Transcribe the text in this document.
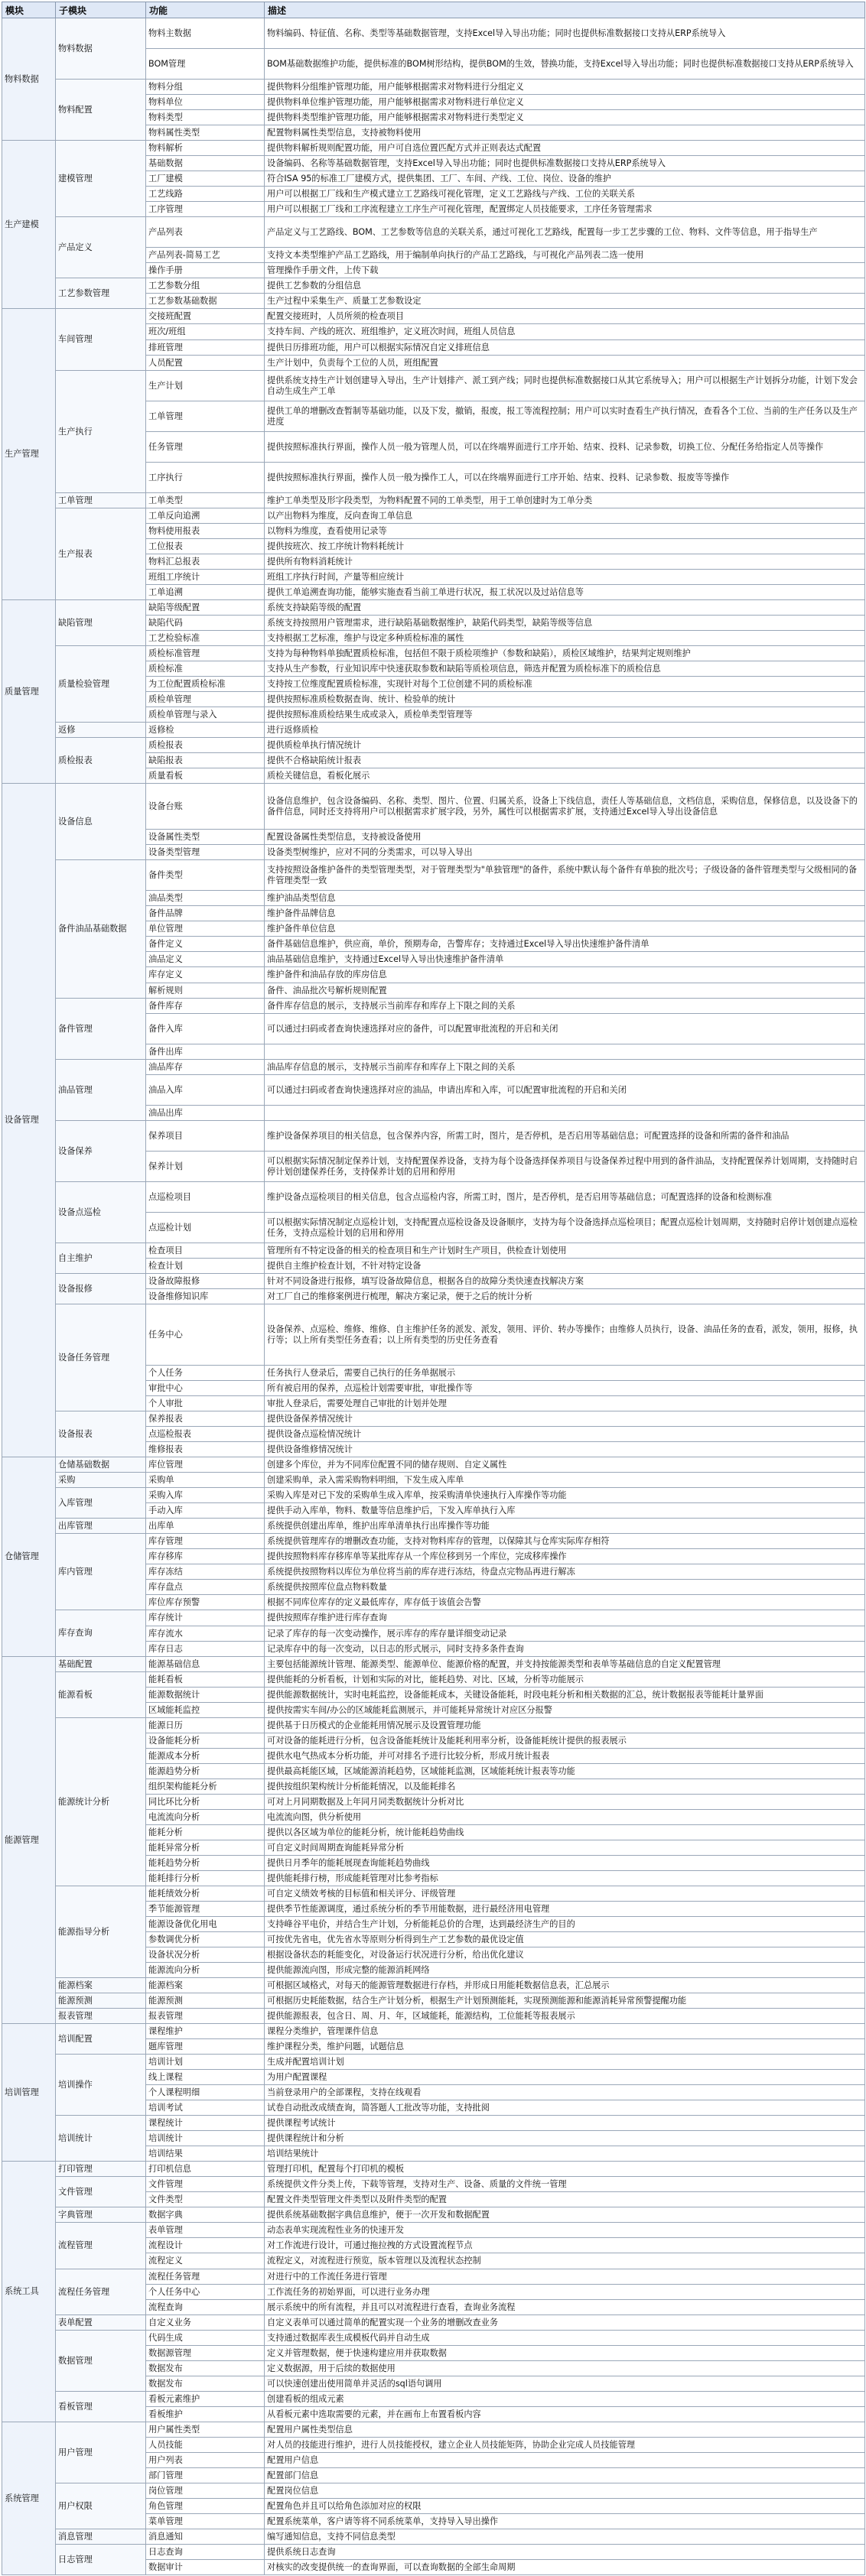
模块	子模块	功能	描述
物料数据	物料数据	物料主数据	物料编码、特征值、名称、类型等基础数据管理，支持Excel导入导出功能；同时也提供标准数据接口支持从ERP系统导入
		BOM管理	BOM基础数据维护功能，提供标准的BOM树形结构，提供BOM的生效，替换功能，支持Excel导入导出功能；同时也提供标准数据接口支持从ERP系统导入
	物料配置	物料分组	提供物料分组维护管理功能，用户能够根据需求对物料进行分组定义
		物料单位	提供物料单位维护管理功能，用户能够根据需求对物料进行单位定义
		物料类型	提供物料类型维护管理功能，用户能够根据需求对物料进行类型定义
		物料属性类型	配置物料属性类型信息，支持被物料使用
生产建模	建模管理	物料解析	提供物料解析规则配置功能，用户可自选位置匹配方式并正则表达式配置
		基础数据	设备编码、名称等基础数据管理，支持Excel导入导出功能；同时也提供标准数据接口支持从ERP系统导入
		工厂建模	符合ISA 95的标准工厂建模方式，提供集团、工厂、车间、产线、工位、岗位、设备的维护
		工艺线路	用户可以根据工厂线和生产模式建立工艺路线可视化管理，定义工艺路线与产线、工位的关联关系
		工序管理	用户可以根据工厂线和工序流程建立工序生产可视化管理，配置绑定人员技能要求，工序任务管理需求
	产品定义	产品列表	产品定义与工艺路线、BOM、工艺参数等信息的关联关系，通过可视化工艺路线，配置每一步工艺步骤的工位、物料、文件等信息，用于指导生产
		产品列表-简易工艺	支持文本类型维护产品工艺路线，用于编制单向执行的产品工艺路线，与可视化产品列表二选一使用
		操作手册	管理操作手册文件，上传下载
	工艺参数管理	工艺参数分组	提供工艺参数的分组信息
		工艺参数基础数据	生产过程中采集生产、质量工艺参数设定
生产管理	车间管理	交接班配置	配置交接班时，人员所须的检查项目
		班次/班组	支持车间、产线的班次、班组维护，定义班次时间，班组人员信息
		排班管理	提供日历排班功能，用户可以根据实际情况自定义排班信息
		人员配置	生产计划中，负责每个工位的人员，班组配置
	生产执行	生产计划	提供系统支持生产计划创建导入导出，生产计划排产、派工到产线；同时也提供标准数据接口从其它系统导入；用户可以根据生产计划拆分功能，计划下发会自动生成生产工单
		工单管理	提供工单的增删改查暂制等基础功能，以及下发，撤销，报废，报工等流程控制；用户可以实时查看生产执行情况，查看各个工位、当前的生产任务以及生产进度
		任务管理	提供按照标准执行界面，操作人员一般为管理人员，可以在终端界面进行工序开始、结束、投料、记录参数，切换工位、分配任务给指定人员等操作
		工序执行	提供按照标准执行界面，操作人员一般为操作工人，可以在终端界面进行工序开始、结束、投料、记录参数、报废等等操作
	工单管理	工单类型	维护工单类型及形字段类型，为物料配置不同的工单类型，用于工单创建时为工单分类
	生产报表	工单反向追溯	以产出物料为维度，反向查询工单信息
		物料使用报表	以物料为维度，查看使用记录等
		工位报表	提供按班次、按工序统计物料耗统计
		物料汇总报表	提供所有物料消耗统计
		班组工序统计	班组工序执行时间，产量等相应统计
		工单追溯	提供工单追溯查询功能，能够实施查看当前工单进行状况，报工状况以及过站信息等
质量管理	缺陷管理	缺陷等级配置	系统支持缺陷等级的配置
		缺陷代码	系统支持按照用户管理需求，进行缺陷基础数据维护，缺陷代码类型，缺陷等级等信息
		工艺检验标准	支持根据工艺标准，维护与设定多种质检标准的属性
	质量检验管理	质检标准管理	支持为每种物料单独配置质检标准，包括但不限于质检项维护（参数和缺陷），质检区域维护，结果判定规则维护
		质检标准	支持从生产参数，行业知识库中快速获取参数和缺陷等质检项信息，筛选并配置为质检标准下的质检信息
		为工位配置质检标准	支持按工位维度配置质检标准，实现针对每个工位创建不同的质检标准
		质检单管理	提供按照标准质检数据查询、统计、检验单的统计
		质检单管理与录入	提供按照标准质检结果生成或录入，质检单类型管理等
	返修	返修检	进行返修质检
	质检报表	质检报表	提供质检单执行情况统计
		缺陷报表	提供不合格缺陷统计报表
		质量看板	质检关键信息，看板化展示
设备管理	设备信息	设备台账	设备信息维护，包含设备编码、名称、类型、图片、位置、归属关系，设备上下线信息，责任人等基础信息，文档信息，采购信息，保修信息，以及设备下的备件信息，同时还支持将用户可以根据需求扩展字段，另外，属性可以根据需求扩展，支持通过Excel导入导出设备信息
		设备属性类型	配置设备属性类型信息，支持被设备使用
		设备类型管理	设备类型树维护，应对不同的分类需求，可以导入导出
	备件油品基础数据	备件类型	支持按照设备维护备件的类型管理类型，对于管理类型为"单独管理"的备件，系统中默认每个备件有单独的批次号；子级设备的备件管理类型与父级相同的备件管理类型一致
		油品类型	维护油品类型信息
		备件品牌	维护备件品牌信息
		单位管理	维护备件单位信息
		备件定义	备件基础信息维护，供应商，单价，预期寿命，告警库存；支持通过Excel导入导出快速维护备件清单
		油品定义	油品基础信息维护，支持通过Excel导入导出快速维护备件清单
		库存定义	维护备件和油品存放的库房信息
		解析规则	备件、油品批次号解析规则配置
	备件管理	备件库存	备件库存信息的展示，支持展示当前库存和库存上下限之间的关系
		备件入库	可以通过扫码或者查询快速选择对应的备件，可以配置审批流程的开启和关闭
		备件出库	
	油品管理	油品库存	油品库存信息的展示，支持展示当前库存和库存上下限之间的关系
		油品入库	可以通过扫码或者查询快速选择对应的油品，申请出库和入库，可以配置审批流程的开启和关闭
		油品出库	
	设备保养	保养项目	维护设备保养项目的相关信息，包含保养内容，所需工时，图片，是否停机，是否启用等基础信息；可配置选择的设备和所需的备件和油品
		保养计划	可以根据实际情况制定保养计划，支持配置保养设备，支持为每个设备选择保养项目与设备保养过程中用到的备件油品，支持配置保养计划周期，支持随时启停计划创建保养任务，支持保养计划的启用和停用
	设备点巡检	点巡检项目	维护设备点巡检项目的相关信息，包含点巡检内容，所需工时，图片，是否停机，是否启用等基础信息；可配置选择的设备和检测标准
		点巡检计划	可以根据实际情况制定点巡检计划，支持配置点巡检设备及设备顺序，支持为每个设备选择点巡检项目；配置点巡检计划周期，支持随时启停计划创建点巡检任务，支持点巡检计划的启用和停用
	自主维护	检查项目	管理所有不特定设备的相关的检查项目和生产计划时生产项目，供检查计划使用
		检查计划	提供自主维护检查计划，不针对特定设备
	设备报修	设备故障报修	针对不同设备进行报修，填写设备故障信息，根据各自的故障分类快速查找解决方案
		设备维修知识库	对工厂自己的维修案例进行梳理，解决方案记录，便于之后的统计分析
	设备任务管理	任务中心	设备保养、点巡检、维修、维修、自主维护任务的派发、派发，领用、评价、转办等操作；由维修人员执行，设备、油品任务的查看，派发，领用，报修，执行等；以上所有类型任务查看；以上所有类型的历史任务查看
		个人任务	任务执行人登录后，需要自己执行的任务单据展示
		审批中心	所有被启用的保养，点巡检计划需要审批，审批操作等
		个人审批	审批人登录后，需要处理自己审批的计划并处理
	设备报表	保养报表	提供设备保养情况统计
		点巡检报表	提供设备点巡检情况统计
		维修报表	提供设备维修情况统计
仓储管理	仓储基础数据	库位管理	创建多个库位，并为不同库位配置不同的储存规则、自定义属性
	采购	采购单	创建采购单，录入需采购物料明细，下发生成入库单
	入库管理	采购入库	采购入库是对已下发的采购单生成入库单，按采购清单快速执行入库操作等功能
		手动入库	提供手动入库单，物料、数量等信息维护后，下发入库单执行入库
	出库管理	出库单	系统提供创建出库单，维护出库单清单执行出库操作等功能
	库内管理	库存管理	系统提供管理库存的增删改查功能，支持对物料库存的管理，以保障其与仓库实际库存相符
		库存移库	提供按照物料库存移库单等某批库存从一个库位移到另一个库位，完成移库操作
		库存冻结	系统提供按照物料以库位为单位将当前的库存进行冻结，待盘点完物品再进行解冻
		库存盘点	系统提供按照库位盘点物料数量
		库位库存预警	根据不同库位库存的定义最低库存，库存低于该值会告警
	库存查询	库存统计	提供按照库存维护进行库存查询
		库存流水	记录了库存的每一次变动操作，展示库存的库存量详细变动记录
		库存日志	记录库存中的每一次变动，以日志的形式展示，同时支持多条件查询
能源管理	基础配置	能源基础信息	主要包括能源统计管理、能源类型、能源单位、能源价格的配置，并支持按能源类型和表单等基础信息的自定义配置管理
	能源看板	能耗看板	提供能耗的分析看板，计划和实际的对比，能耗趋势、对比、区域，分析等功能展示
		能源数据统计	提供能源数据统计，实时电耗监控，设备能耗成本，关键设备能耗，时段电耗分析和相关数据的汇总，统计数据报表等能耗计量界面
		区域能耗监控	提供按需实车间/办公的区域能耗监测展示，并可能耗异常统计对应区分报警
	能源统计分析	能源日历	提供基于日历模式的企业能耗用情况展示及设置管理功能
		设备能耗分析	可对设备的能耗进行分析，包含设备能耗统计及能耗利用率分析，设备能耗统计提供的报表展示
		能源成本分析	提供水电气热成本分析功能，并可对排名予进行比较分析，形成月统计报表
		能源趋势分析	提供最高耗能区域，区域能源消耗趋势，区域能耗监测，区域能耗统计报表等功能
		组织架构能耗分析	提供按组织架构统计分析能耗情况，以及能耗排名
		同比环比分析	可对上月同期数据及上年同月同类数据统计分析对比
		电流流向分析	电流流向图，供分析使用
		能耗分析	提供以各区域为单位的能耗分析，统计能耗趋势曲线
		能耗异常分析	可自定义时间周期查询能耗异常分析
		能耗趋势分析	提供日月季年的能耗展现查询能耗趋势曲线
		能耗排行分析	提供能耗排行榜，形成能耗管理对比参考指标
	能源指导分析	能耗绩效分析	可自定义绩效考核的目标值和相关评分、评级管理
		季节能源管理	提供季节性能源调度，通过系统分析的季节用能数据，进行最经济用电管理
		能源设备优化用电	支持峰谷平电价，并结合生产计划，分析能耗总价的合理，达到最经济生产的目的
		参数调优分析	可按优先省电，优先省水等原则分析得到生产工艺参数的最优设定值
		设备状况分析	根据设备状态的耗能变化，对设备运行状况进行分析，给出优化建议
		能源流向分析	提供能源流向图，形成完整的能源消耗网络
	能源档案	能源档案	可根据区域格式，对每天的能源管理数据进行存档，并形成日用能耗数据信息表，汇总展示
	能源预测	能源预测	可根据历史耗能数据，结合生产计划分析，根据生产计划预测能耗，实现预测能源和能源消耗异常预警提醒功能
	报表管理	报表管理	提供能源报表，包含日、周、月、年，区域能耗，能源结构，工位能耗等报表展示
培训管理	培训配置	课程维护	课程分类维护，管理课件信息
		题库管理	维护课程分类，维护问题，试题信息
	培训操作	培训计划	生成并配置培训计划
		线上课程	为用户配置课程
		个人课程明细	当前登录用户的全部课程，支持在线观看
		培训考试	试卷自动批改成绩查询，简答题人工批改等功能，支持批阅
	培训统计	课程统计	提供课程考试统计
		培训统计	提供课程统计和分析
		培训结果	培训结果统计
系统工具	打印管理	打印机信息	管理打印机，配置每个打印机的模板
	文件管理	文件管理	系统提供文件分类上传，下载等管理，支持对生产、设备、质量的文件统一管理
		文件类型	配置文件类型管理文件类型以及附件类型的配置
	字典管理	数据字典	提供系统基础数据字典信息维护，便于一次开发和数据配置
	流程管理	表单管理	动态表单实现流程性业务的快速开发
		流程设计	对工作流进行设计，可通过拖拉拽的方式设置流程节点
		流程定义	流程定义，对流程进行预览，版本管理以及流程状态控制
	流程任务管理	流程任务管理	对进行中的工作流任务进行管理
		个人任务中心	工作流任务的初始界面，可以进行业务办理
		流程查询	展示系统中的所有流程，并且可以对流程进行查看，查询业务流程
	表单配置	自定义业务	自定义表单可以通过简单的配置实现一个业务的增删改查业务
	数据管理	代码生成	支持通过数据库表生成模板代码并自动生成
		数据源管理	定义并管理数据，便于快速构建应用并获取数据
		数据发布	定义数据源，用于后续的数据使用
		数据发布	可以快速创建出使用简单并灵活的sql语句调用
	看板管理	看板元素维护	创建看板的组成元素
		看板维护	从看板元素中选取需要的元素，并在画布上布置看板内容
系统管理	用户管理	用户属性类型	配置用户属性类型信息
		人员技能	对人员的技能进行维护，进行人员技能授权，建立企业人员技能矩阵，协助企业完成人员技能管理
		用户列表	配置用户信息
		部门管理	配置部门信息
	用户权限	岗位管理	配置岗位信息
		角色管理	配置角色并且可以给角色添加对应的权限
		菜单管理	配置系统菜单，客户请等将不同系统菜单，支持导入导出操作
	消息管理	消息通知	编写通知信息，支持不同信息类型
	日志管理	日志查询	提供系统日志查询
		数据审计	对核实的改变提供统一的查询界面，可以查询数据的全部生命周期
